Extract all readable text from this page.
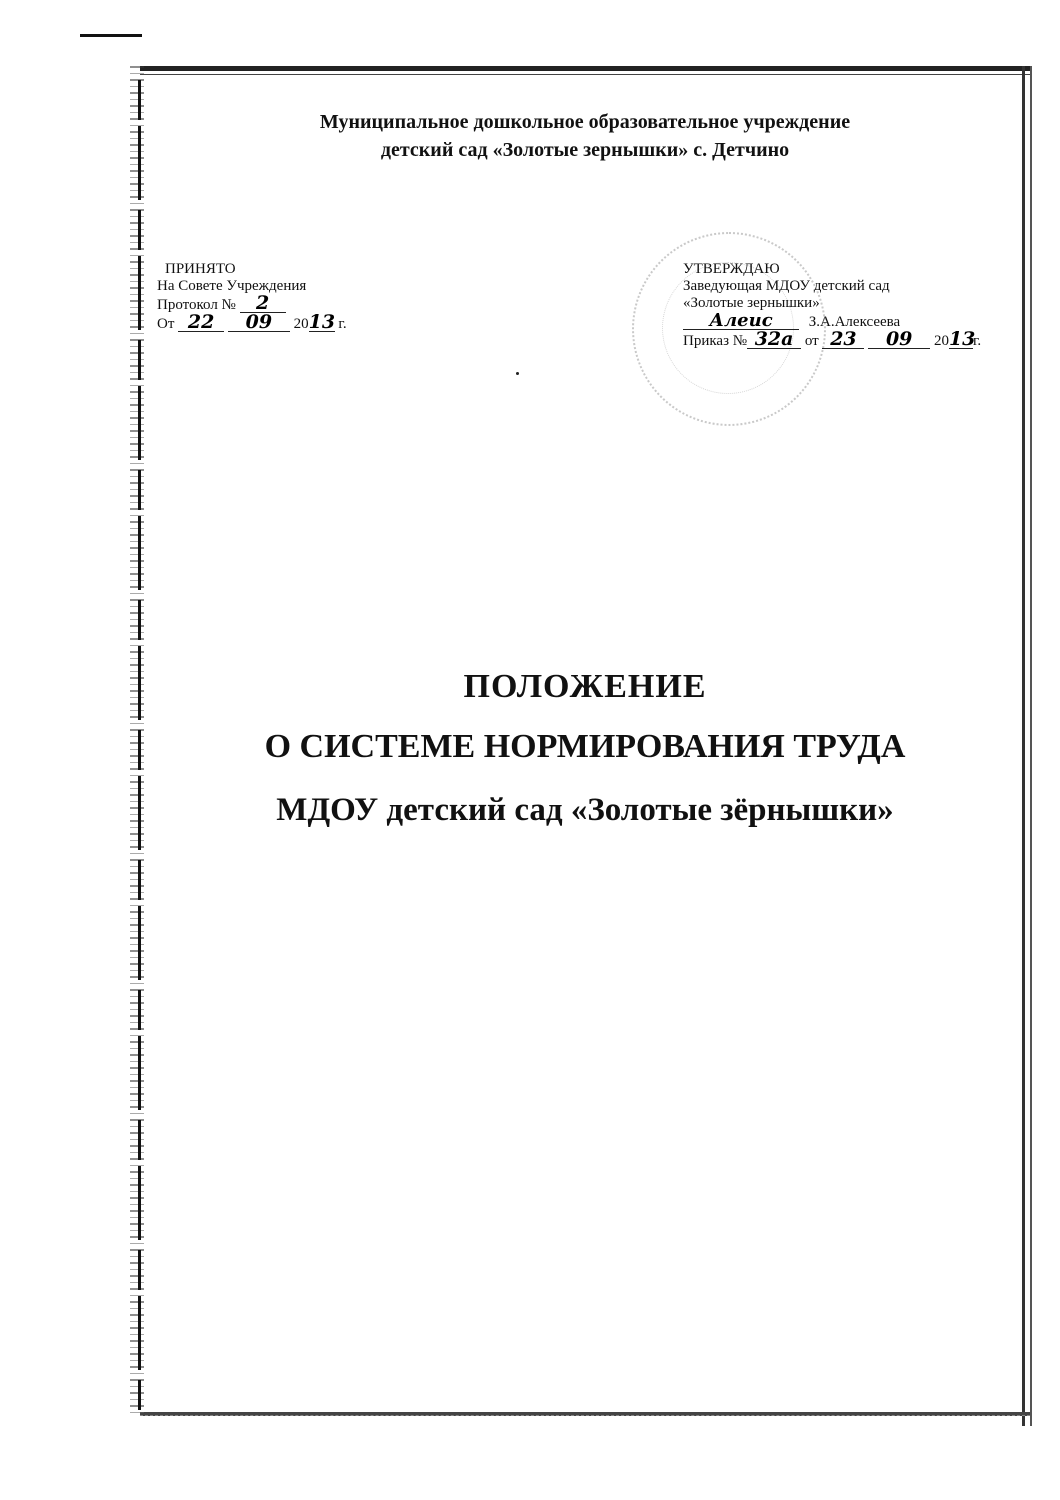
Муниципальное дошкольное образовательное учреждение
детский сад «Золотые зернышки» с. Детчино
ПРИНЯТО
На Совете Учреждения
Протокол № 2
От 22 09 2013 г.
УТВЕРЖДАЮ
Заведующая МДОУ детский сад
«Золотые зернышки»
Алеис З.А.Алексеева
Приказ № 32а от 23 09 2013г.
ПОЛОЖЕНИЕ
О СИСТЕМЕ НОРМИРОВАНИЯ ТРУДА
МДОУ детский сад «Золотые зёрнышки»
